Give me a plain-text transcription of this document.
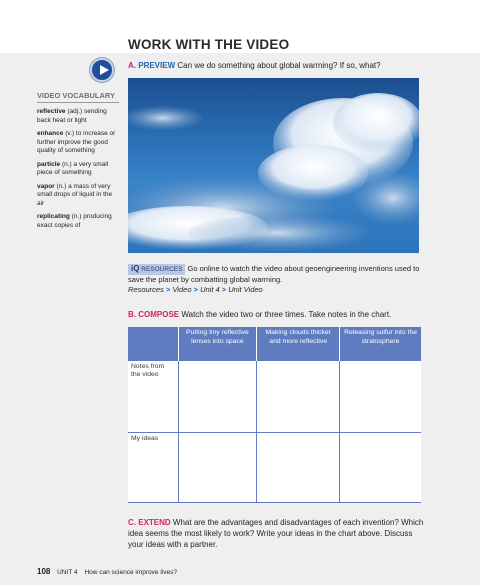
WORK WITH THE VIDEO
A. PREVIEW Can we do something about global warming? If so, what?
VIDEO VOCABULARY
reflective (adj.) sending back heat or light
enhance (v.) to increase or further improve the good quality of something
particle (n.) a very small piece of something
vapor (n.) a mass of very small drops of liquid in the air
replicating (n.) producing exact copies of
iQ RESOURCES Go online to watch the video about geoengineering inventions used to save the planet by combatting global warming.
Resources > Video > Unit 4 > Unit Video
B. COMPOSE Watch the video two or three times. Take notes in the chart.
	Putting tiny reflective lenses into space	Making clouds thicker and more reflective	Releasing sulfur into the stratosphere
Notes from the video			
My ideas			
C. EXTEND What are the advantages and disadvantages of each invention? Which idea seems the most likely to work? Write your ideas in the chart above. Discuss your ideas with a partner.
108 UNIT 4 How can science improve lives?
